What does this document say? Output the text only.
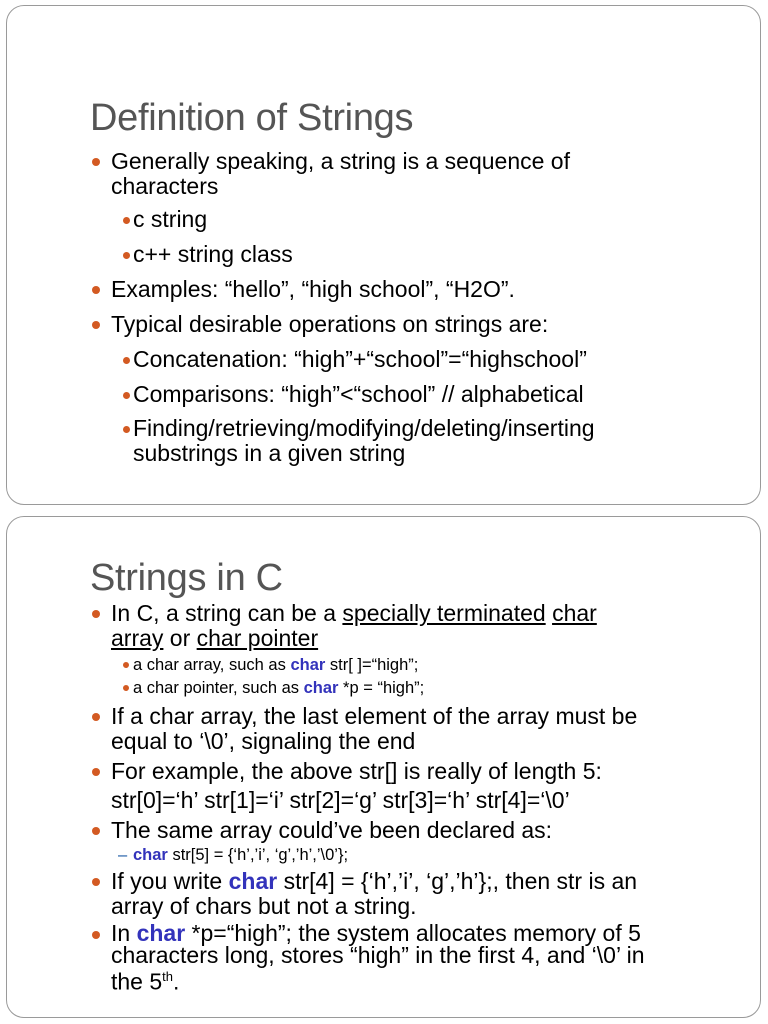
Definition of Strings
Generally speaking, a string is a sequence of
characters
c string
c++ string class
Examples: “hello”, “high school”, “H2O”.
Typical desirable operations on strings are:
Concatenation: “high”+“school”=“highschool”
Comparisons: “high”<“school” // alphabetical
Finding/retrieving/modifying/deleting/inserting
substrings in a given string
Strings in C
In C, a string can be a specially terminated char
array or char pointer
a char array, such as char str[ ]=“high”;
a char pointer, such as char *p = “high”;
If a char array, the last element of the array must be
equal to ‘\0’, signaling the end
For example, the above str[] is really of length 5:
str[0]=‘h’ str[1]=‘i’ str[2]=‘g’ str[3]=‘h’ str[4]=‘\0’
The same array could’ve been declared as:
– char str[5] = {‘h’,’i’, ‘g’,’h’,’\0’};
If you write char str[4] = {‘h’,’i’, ‘g’,’h’};, then str is an
array of chars but not a string.
In char *p=“high”; the system allocates memory of 5
characters long, stores “high” in the first 4, and ‘\0’ in
the 5th.
